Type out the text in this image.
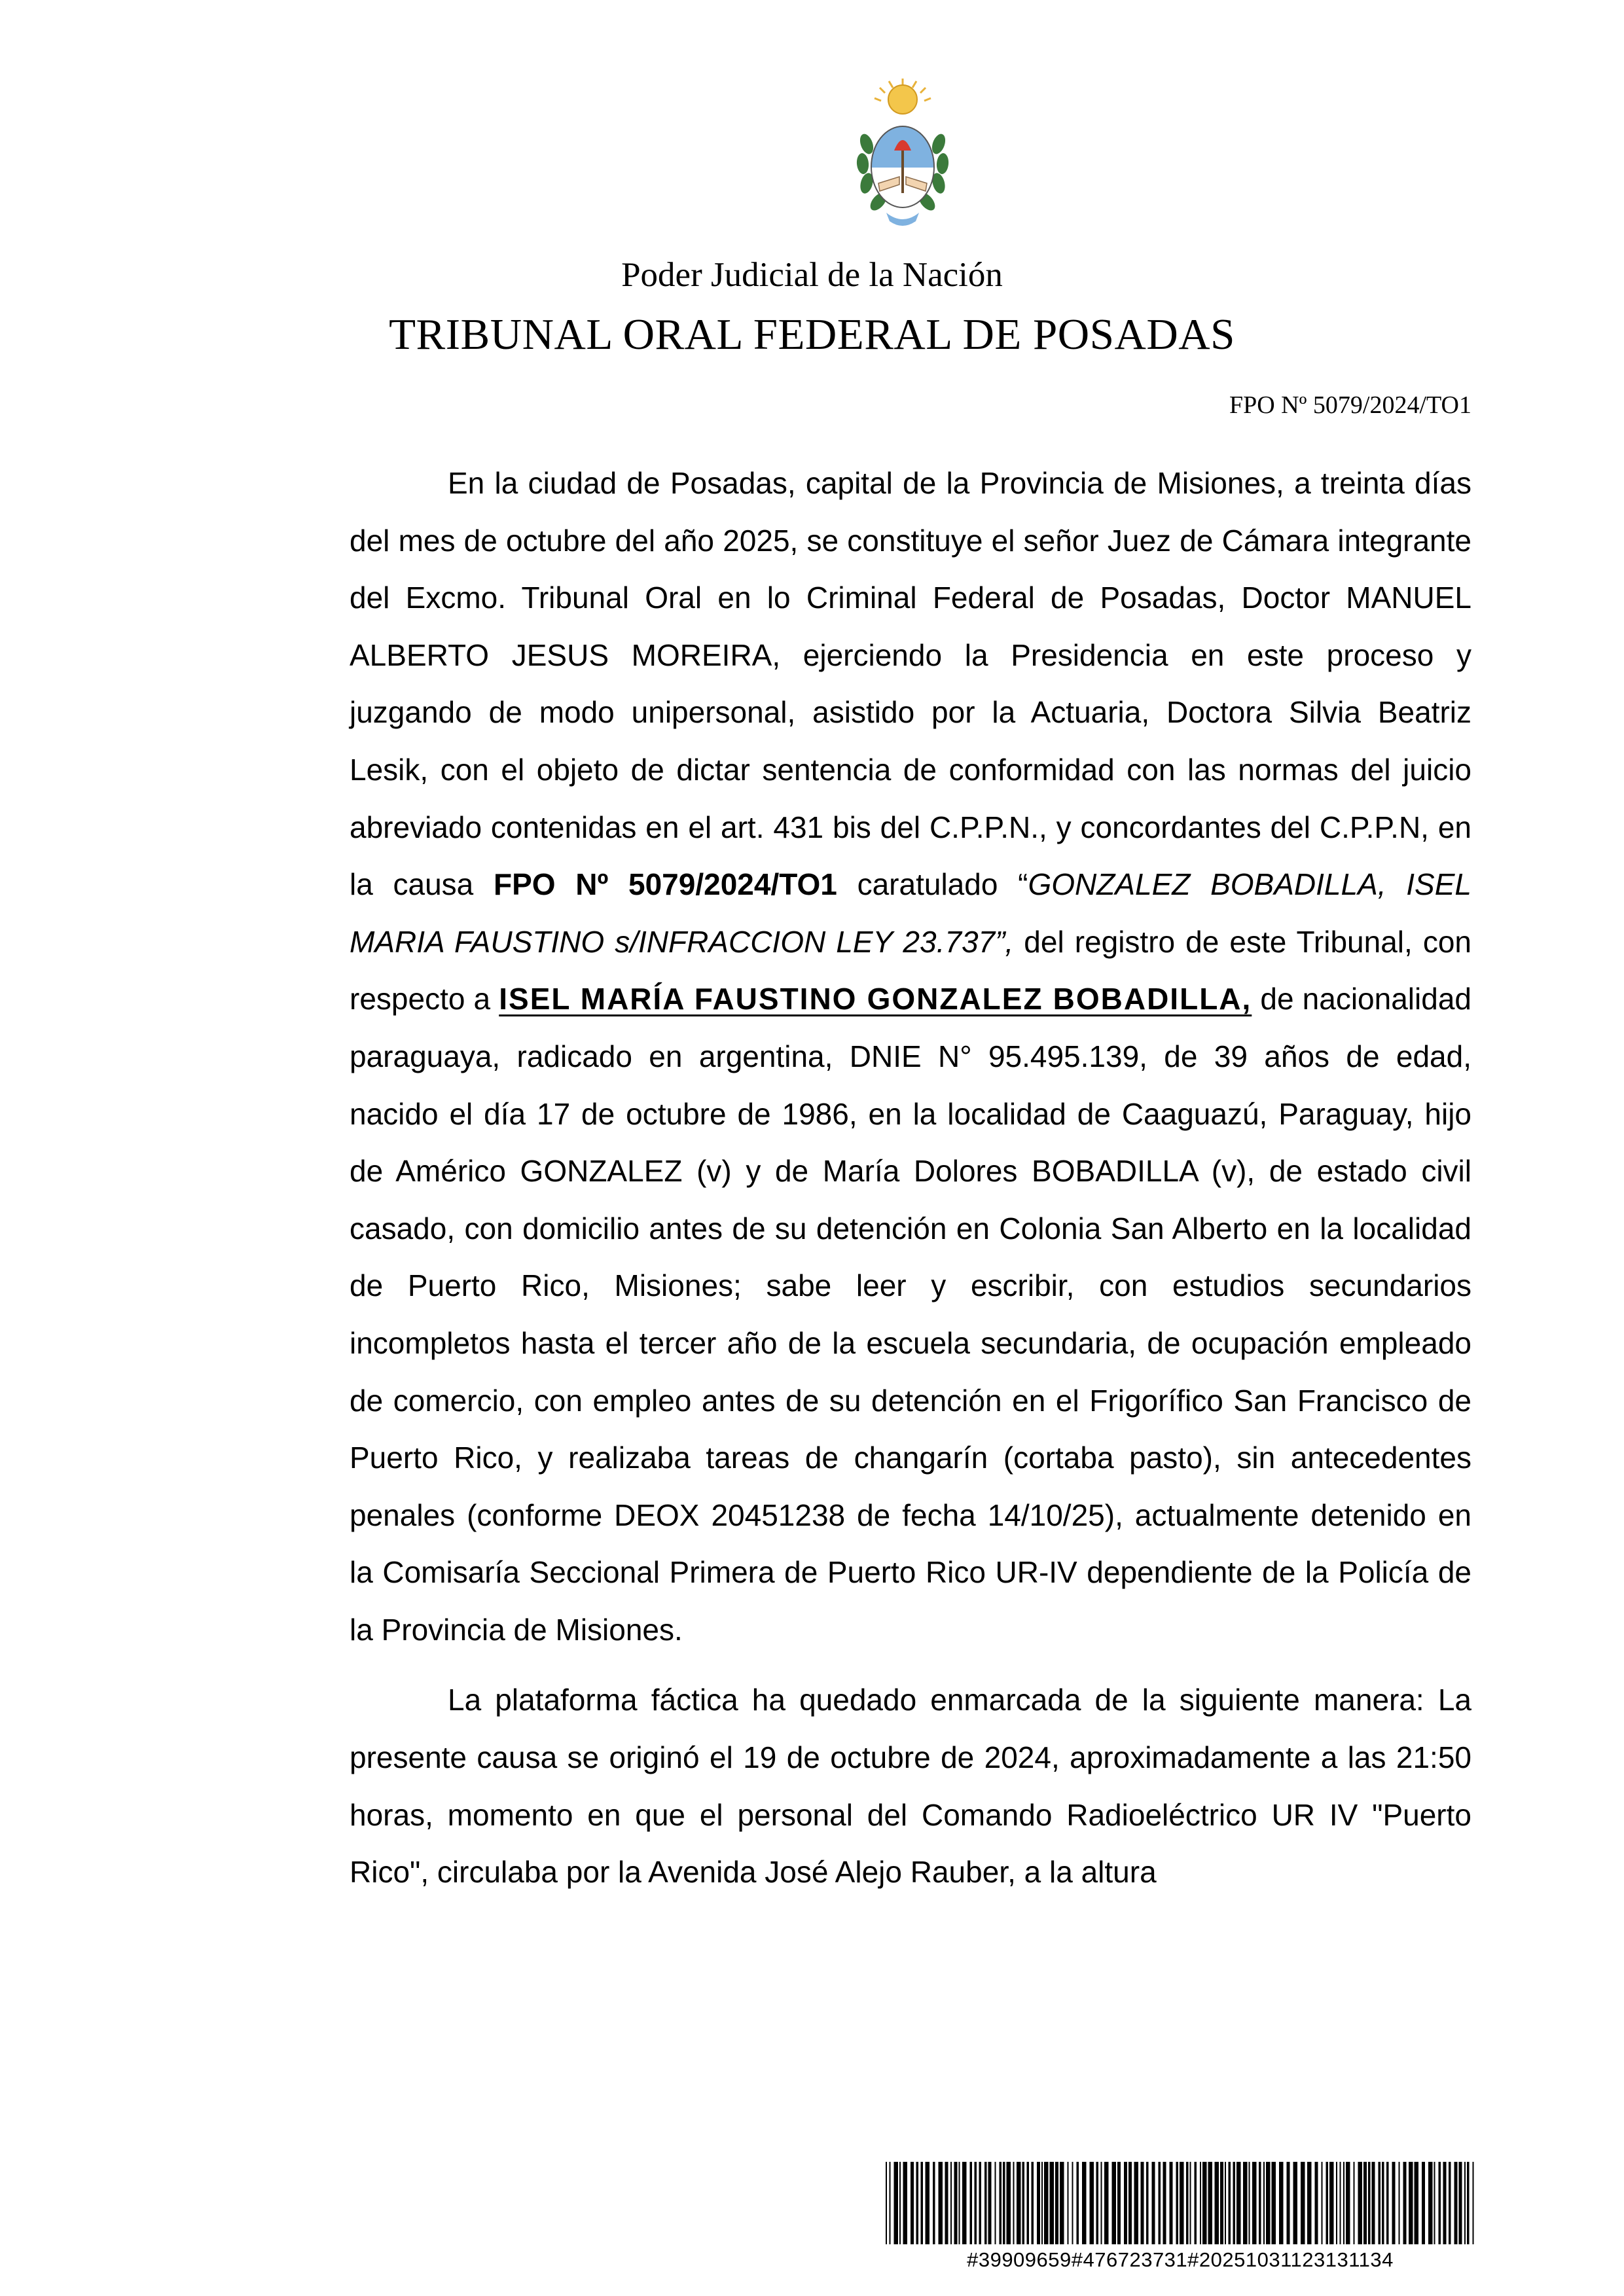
Poder Judicial de la Nación
TRIBUNAL ORAL FEDERAL DE POSADAS
FPO Nº 5079/2024/TO1

En la ciudad de Posadas, capital de la Provincia de Misiones, a treinta días del mes de octubre del año 2025, se constituye el señor Juez de Cámara integrante del Excmo. Tribunal Oral en lo Criminal Federal de Posadas, Doctor MANUEL ALBERTO JESUS MOREIRA, ejerciendo la Presidencia en este proceso y juzgando de modo unipersonal, asistido por la Actuaria, Doctora Silvia Beatriz Lesik, con el objeto de dictar sentencia de conformidad con las normas del juicio abreviado contenidas en el art. 431 bis del C.P.P.N., y concordantes del C.P.P.N, en la causa FPO Nº 5079/2024/TO1 caratulado “GONZALEZ BOBADILLA, ISEL MARIA FAUSTINO s/INFRACCION LEY 23.737”, del registro de este Tribunal, con respecto a ISEL MARÍA FAUSTINO GONZALEZ BOBADILLA, de nacionalidad paraguaya, radicado en argentina, DNIE N° 95.495.139, de 39 años de edad, nacido el día 17 de octubre de 1986, en la localidad de Caaguazú, Paraguay, hijo de Américo GONZALEZ (v) y de María Dolores BOBADILLA (v), de estado civil casado, con domicilio antes de su detención en Colonia San Alberto en la localidad de Puerto Rico, Misiones; sabe leer y escribir, con estudios secundarios incompletos hasta el tercer año de la escuela secundaria, de ocupación empleado de comercio, con empleo antes de su detención en el Frigorífico San Francisco de Puerto Rico, y realizaba tareas de changarín (cortaba pasto), sin antecedentes penales (conforme DEOX 20451238 de fecha 14/10/25), actualmente detenido en la Comisaría Seccional Primera de Puerto Rico UR-IV dependiente de la Policía de la Provincia de Misiones.

La plataforma fáctica ha quedado enmarcada de la siguiente manera: La presente causa se originó el 19 de octubre de 2024, aproximadamente a las 21:50 horas, momento en que el personal del Comando Radioeléctrico UR IV "Puerto Rico", circulaba por la Avenida José Alejo Rauber, a la altura

#39909659#476723731#20251031123131134
